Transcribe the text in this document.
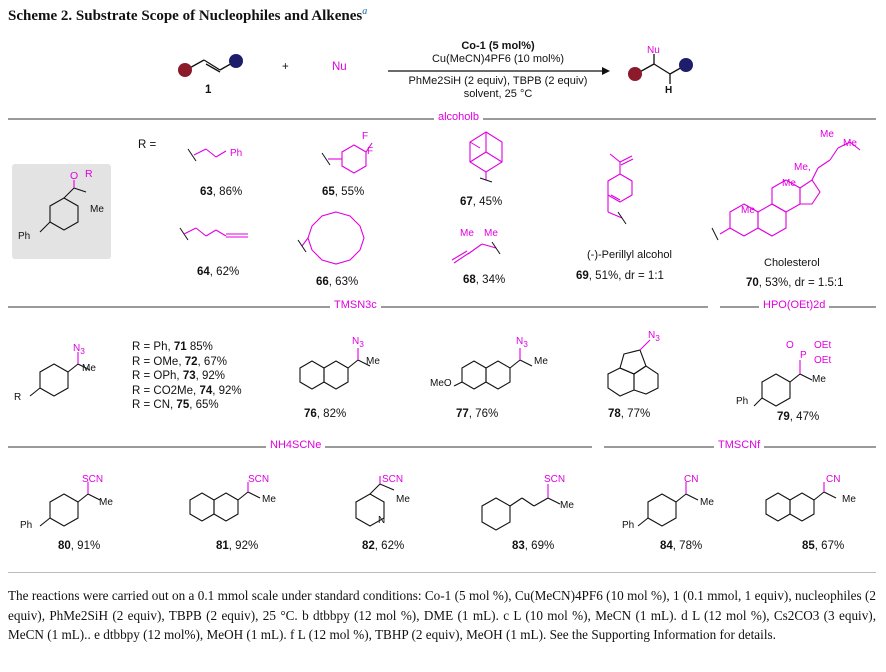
Scheme 2. Substrate Scope of Nucleophiles and Alkenes$^a$
1
+	Nu
Co-1 (5 mol%)
Cu(MeCN)4PF6 (10 mol%)
PhMe2SiH (2 equiv), TBPB (2 equiv)
solvent, 25 °C
Nu
H
alcoholb
O R
Me
Ph
R =
Ph
63, 86%
F
F
65, 55%
67, 45%
64, 62%
66, 63%
Me Me
68, 34%
(-)-Perillyl alcohol
69, 51%, dr = 1:1
Me
Me
Me,
Me
Me
Cholesterol
70, 53%, dr = 1.5:1
TMSN3c	HPO(OEt)2d
$N_3$
Me
R
R = Ph, 71 85%
R = OMe, 72, 67%
R = OPh, 73, 92%
R = CO2Me, 74, 92%
R = CN, 75, 65%
$N_3$
Me
76, 82%
$N_3$
Me
MeO
77, 76%
$N_3$
78, 77%
O
P
OEt
OEt
Me
Ph
79, 47%
NH4SCNe	TMSCNf
SCN
Me
Ph
80, 91%
SCN
Me
81, 92%
SCN
Me
N
82, 62%
SCN
Me
83, 69%
CN
Me
Ph
84, 78%
CN
Me
85, 67%
The reactions were carried out on a 0.1 mmol scale under standard conditions: Co-1 (5 mol %), Cu(MeCN)4PF6 (10 mol %), 1 (0.1 mmol, 1 equiv), nucleophiles (2 equiv), PhMe2SiH (2 equiv), TBPB (2 equiv), 25 °C. b dtbbpy (12 mol %), DME (1 mL). c L (10 mol %), MeCN (1 mL). d L (12 mol %), Cs2CO3 (3 equiv), MeCN (1 mL).. e dtbbpy (12 mol%), MeOH (1 mL). f L (12 mol %), TBHP (2 equiv), MeOH (1 mL). See the Supporting Information for details.
